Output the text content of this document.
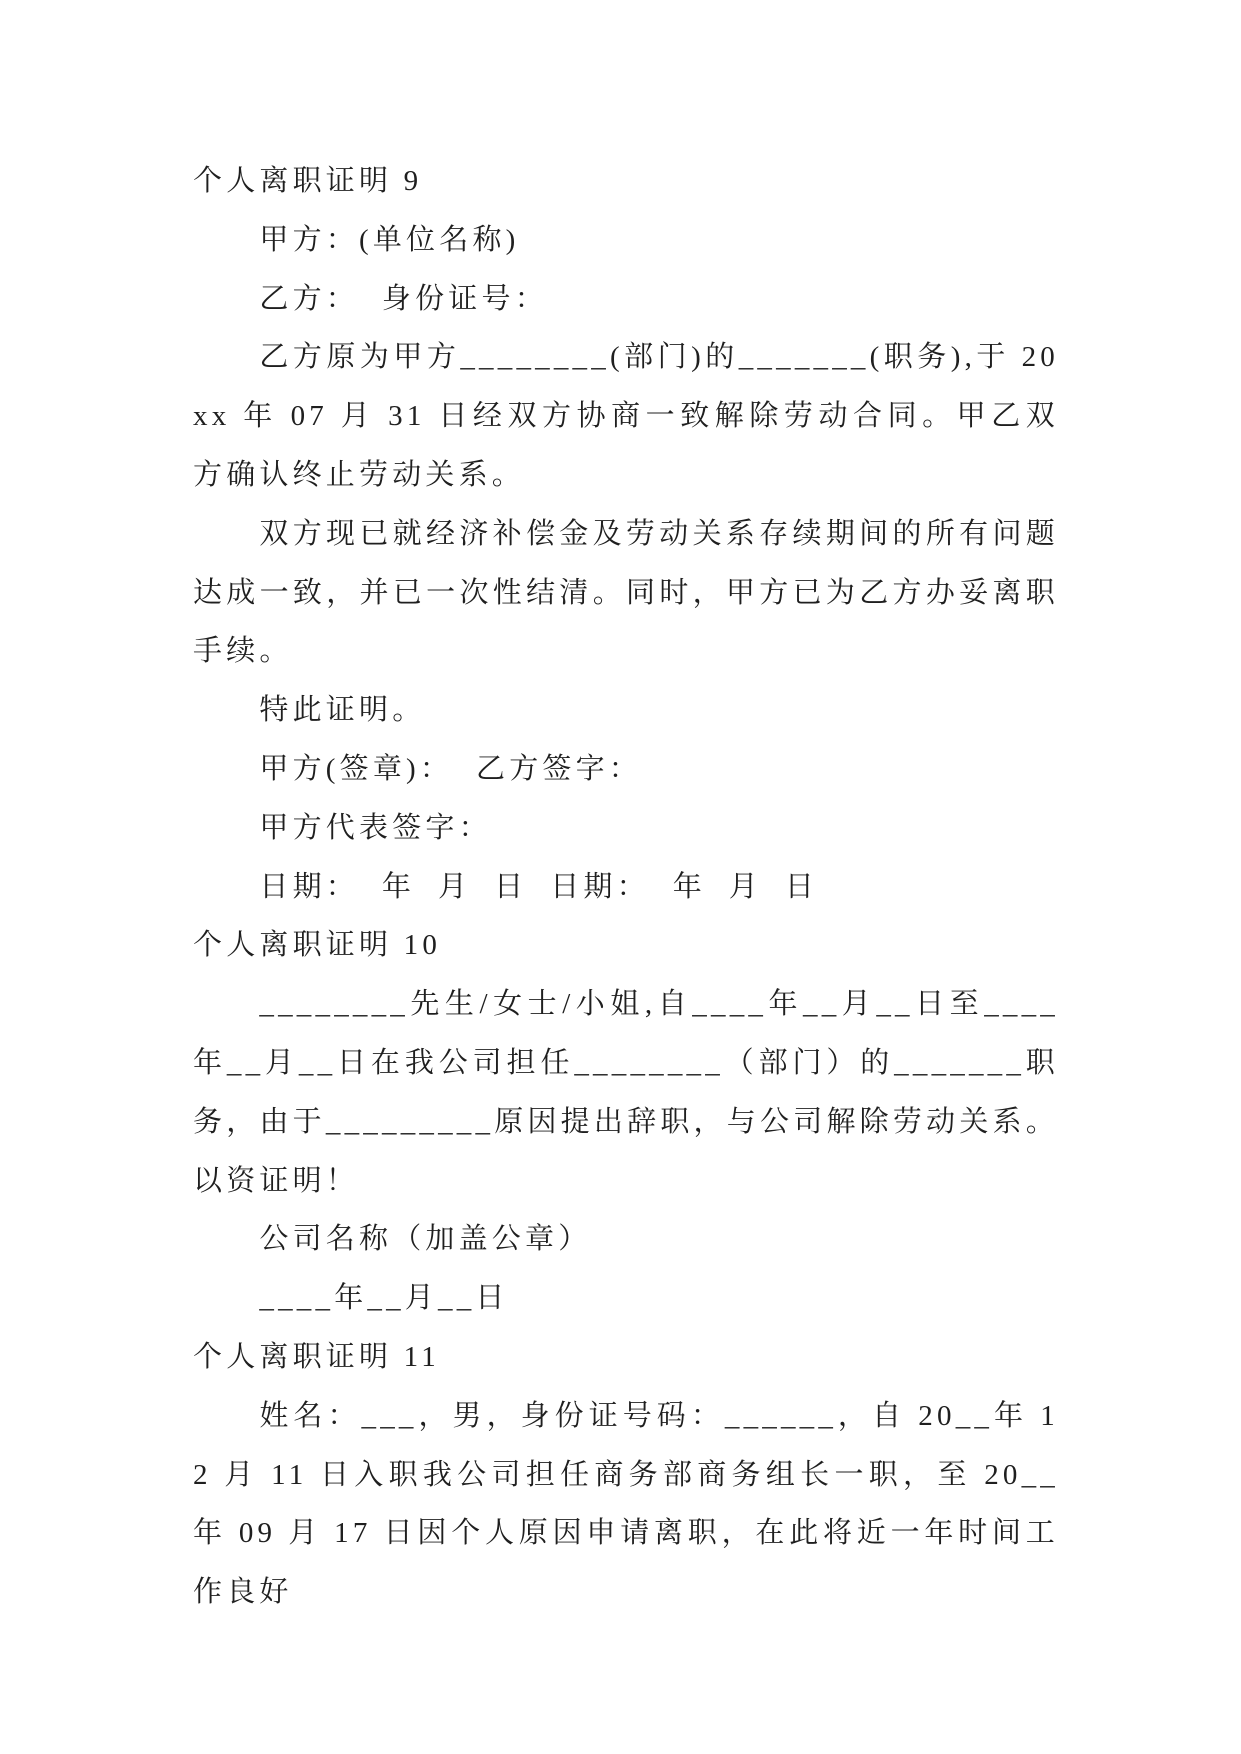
个人离职证明 9

甲方：(单位名称)

乙方：  身份证号：

乙方原为甲方________(部门)的_______(职务),于 20xx 年 07 月 31 日经双方协商一致解除劳动合同。甲乙双方确认终止劳动关系。

双方现已就经济补偿金及劳动关系存续期间的所有问题达成一致，并已一次性结清。同时，甲方已为乙方办妥离职手续。

特此证明。

甲方(签章)：  乙方签字：

甲方代表签字：

日期：  年  月  日  日期：  年  月  日

个人离职证明 10

________先生/女士/小姐,自____年__月__日至____年__月__日在我公司担任________（部门）的_______职务，由于_________原因提出辞职，与公司解除劳动关系。以资证明！

公司名称（加盖公章）

____年__月__日

个人离职证明 11

姓名：___，男，身份证号码：______，自 20__年 12 月 11 日入职我公司担任商务部商务组长一职，至 20__年 09 月 17 日因个人原因申请离职，在此将近一年时间工作良好
